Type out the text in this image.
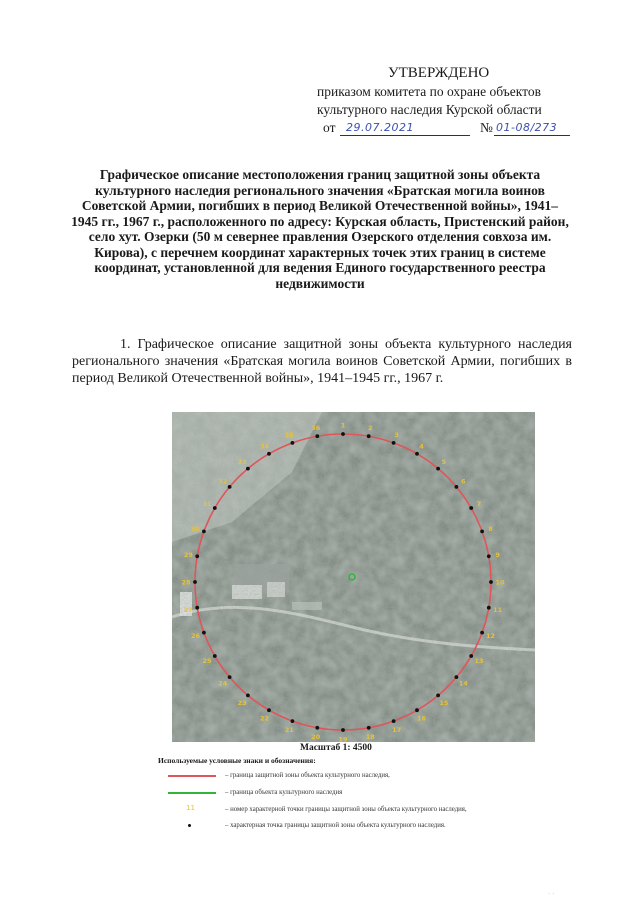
УТВЕРЖДЕНО
приказом комитета по охране объектов
культурного наследия Курской области
от 29.07.2021	№ 01-08/273
Графическое описание местоположения границ защитной зоны объекта культурного наследия регионального значения «Братская могила воинов Советской Армии, погибших в период Великой Отечественной войны», 1941–1945 гг., 1967 г., расположенного по адресу: Курская область, Пристенский район, село хут. Озерки (50 м севернее правления Озерского отделения совхоза им. Кирова), с перечнем координат характерных точек этих границ в системе координат, установленной для ведения Единого государственного реестра недвижимости
1. Графическое описание защитной зоны объекта культурного наследия регионального значения «Братская могила воинов Советской Армии, погибших в период Великой Отечественной войны», 1941–1945 гг., 1967 г.
1	2
3
4
5
6
7
8
9
10
11
12
13
14
15
16
17
18
19
20
21
22
23
24
25
26
27
28
29
30
31
32
33
34
35
36
Масштаб 1: 4500
Используемые условные знаки и обозначения:
– граница защитной зоны объекта культурного наследия,
– граница объекта культурного наследия
11	– номер характерной точки границы защитной зоны объекта культурного наследия,
– характерная точка границы защитной зоны объекта культурного наследия.
· ·
